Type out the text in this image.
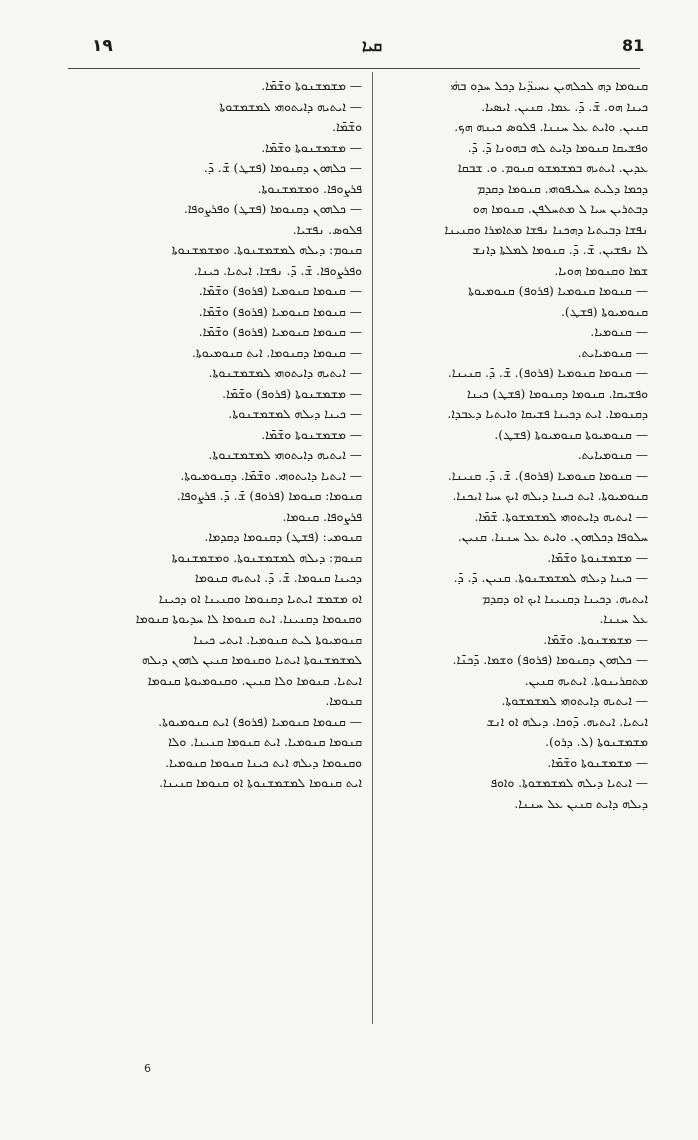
۱۹	ܩܝܐ	81
ܩܢܘܡܐ ܕܗ ܠܟܠܗܝܢ ܝܚܝܕ̈ܝܐ ܕܟܠ ܚܕܘ ܒܗ̇ܝ
ܟܝܢܐ ܗܘ. ܫ̄. ܕ̄. ܥܡܐ. ܩܢܝܢ. ܐܝܣܝܐ.
ܩܢܝܢ. ܘܐܝܬ ܥܠ ܚܢܢܐ. ܦܠܘܣ ܟܝܢܗ ܗܟ.
ܘܦܫܝܩܐ ܩܢܘܡܐ ܕܐܝܬ ܠܗ ܒܗܘܢܐ ܕ̄. ܕ̄.
ܥܕܝܢ. ܐܝܬܝܗ ܒܡܫܡܫܘ ܩܢܘܡ. ܘ. ܫܒܩܐ
ܕܟܡܐ ܕܠܝܬ ܚܠܝܦܘܗܝ. ܩܢܘܡܐ ܕܩܕܡ
ܕܒܬܪܝܢ ܚܝܐ ܠ ܡܬܚܠܦܢ. ܩܢܘܡܐ ܗܘ
ܢܦܫܐ ܕܒܝܬܝܐ ܕܗܟܢܐ ܢܦܫܐ ܡܬܐܡܪܐ ܘܩܢܝܢܐ
ܠܐ ܢܦܫܝܢ. ܫ̄. ܕ̄. ܩܢܘܡܐ ܠܡܠܬܐ ܕܐܢܫ
ܫܡܐ ܘܩܢܘܡܐ ܗܘܝܐ.
— ܩܢܘܡܐ ܩܢܘܡܝܐ (ܦܪܘܦ) ܩܢܘܡܝܘܬܐ
ܩܢܘܡܝܘܬܐ (ܦܫܛ).
— ܩܢܘܡܝܐ.
— ܩܢܘܡܝܐܝܬ.
— ܩܢܘܡܐ ܩܢܘܡܝܐ (ܦܪܘܦ). ܫ̄. ܕ̄. ܩܢܝܢܐ.
ܘܦܫܝܩܐ. ܩܢܘܡܐ ܕܩܢܘܡܐ (ܦܫܛ) ܟܝܢܐ
ܕܩܢܘܡܐ. ܐܝܬ ܕܟܝܢܐ ܦܫܝܩܐ ܘܐܝܬܝܐ ܕܥܒܕܐ.
— ܩܢܘܡܝܘܬܐ ܩܢܘܡܝܘܬܐ (ܦܫܛ).
— ܩܢܘܡܝܐܝܬ.
— ܩܢܘܡܐ ܩܢܘܡܝܐ (ܦܪܘܦ). ܫ̄. ܕ̄. ܩܢܝܢܐ.
ܩܢܘܡܝܘܬܐ. ܐܝܬ ܟܝܢܐ ܕܝܠܗ ܐܝܟ ܚܝܐ ܐܝܟܢܐ.
— ܐܝܬܝܗ ܕܐܝܬܘܗܝ ܠܡܫܡܫܘܬܐ. ܫ̄ܡ̄ܐ.
ܚܠܘܦܐ ܕܟܠܗܘܢ. ܘܐܝܬ ܥܠ ܚܢܢܐ. ܩܢܝܢ.
— ܡܫܡܫܢܘܬܐ ܘܫ̄ܡ̄ܐ.
— ܟܝܢܐ ܕܝܠܗ ܠܡܫܡܫܢܘܬܐ. ܩܢܝܢ. ܕ̄. ܕ̄.
ܐܝܬܝܗ. ܕܟܝܢܐ ܕܩܢܝܢܐ ܐܝܟ ܐܘ ܕܩܕܡ
ܥܠ ܚܢܢܐ.
— ܡܫܡܫܢܘܬܐ. ܘܫ̄ܡ̄ܐ.
— ܟܠܗܘܢ ܕܩܢܘܡܐ (ܦܪܘܦ) ܘܫܡܐ. ܕ̄ܟܢ̄ܐ.
ܡܬܩܪܝܢܘܬܐ. ܐܝܬܝܗ ܩܢܝܢ.
— ܐܝܬܝܗ ܕܐܝܬܘܗܝ ܠܡܫܡܫܘܬܐ.
ܐܝܬܝܐ. ܐܝܬܝܗ. ܕ̄ܘܟܐ. ܕܝܠܗ ܐܘ ܐܢܫ
ܡܫܡܫܢܘܬܐ (ܠ. ܕܪܘ).
— ܡܫܡܫܢܘܬܐ ܘܫ̄ܡ̄ܐ.
— ܐܝܬܝܐ ܕܝܠܗ ܠܡܫܡܫܘܬܐ. ܘܐܘܦ
ܕܝܠܗ ܕܐܝܬ ܩܢܝܢ ܥܠ ܚܢܢܐ.
— ܡܫܡܫܢܘܬܐ ܘܫ̄ܡ̄ܐ.
— ܐܝܬܝܗ ܕܐܝܬܘܗܝ ܠܡܫܡܫܘܬܐ
ܘܫ̄ܡ̄ܐ.
— ܡܫܡܫܢܘܬܐ ܘܫ̄ܡ̄ܐ.
— ܟܠܗܘܢ ܕܩܢܘܡܐ (ܦܫܛ) ܫ̄. ܕ̄.
ܦܪܨܘܦܐ. ܘܡܫܡܫܢܘܬܐ.
— ܟܠܗܘܢ ܕܩܢܘܡܐ (ܦܫܛ) ܘܦܪܨܘܦܐ.
ܦܠܘܣ. ܢܦܫܝܐ.
ܩܢܘܡ: ܕܝܠܗ ܠܡܫܡܫܢܘܬܐ. ܘܡܫܡܫܢܘܬܐ
ܘܦܪܨܘܦܐ. ܫ̄. ܕ̄. ܢܦܫܐ. ܐܝܬܝܐ. ܟܝܢܐ.
— ܩܢܘܡܐ ܩܢܘܡܝܐ (ܦܪܘܦ) ܘܫ̄ܡ̄ܐ.
— ܩܢܘܡܐ ܩܢܘܡܝܐ (ܦܪܘܦ) ܘܫ̄ܡ̄ܐ.
— ܩܢܘܡܐ ܩܢܘܡܝܐ (ܦܪܘܦ) ܘܫ̄ܡ̄ܐ.
— ܩܢܘܡܐ ܕܩܢܘܡܐ. ܐܝܬ ܩܢܘܡܝܘܬܐ.
— ܐܝܬܝܗ ܕܐܝܬܘܗܝ ܠܡܫܡܫܢܘܬܐ.
— ܡܫܡܫܢܘܬܐ (ܦܪܘܦ) ܘܫ̄ܡ̄ܐ.
— ܟܝܢܐ ܕܝܠܗ ܠܡܫܡܫܢܘܬܐ.
— ܡܫܡܫܢܘܬܐ ܘܫ̄ܡ̄ܐ.
— ܐܝܬܝܗ ܕܐܝܬܘܗܝ ܠܡܫܡܫܢܘܬܐ.
— ܐܝܬܝܐ ܕܐܝܬܘܗܝ. ܘܫ̄ܡ̄ܐ. ܕܩܢܘܡܝܘܬܐ.
ܩܢܘܡܐ: ܩܢܘܡܐ (ܦܪܘܦ) ܫ̄. ܕ̄. ܦܪܨܘܦܐ.
ܦܪܨܘܦܐ. ܩܢܘܡܐ.
ܩܢܘܡܝ: (ܦܫܛ) ܕܩܢܘܡܐ ܕܩܕܡܐ.
ܩܢܘܡ: ܕܝܠܗ ܠܡܫܡܫܢܘܬܐ. ܘܡܫܡܫܢܘܬܐ
ܕܟܝܢܐ ܩܢܘܡܐ. ܫ̄. ܕ̄. ܐܝܬܝܗ ܩܢܘܡܐ
ܐܘ ܡܫܡܫ ܐܝܬܝܐ ܕܩܢܘܡܐ ܘܩܢܝܢܐ ܐܘ ܕܟܝܢܐ
ܘܩܢܘܡܐ ܕܩܢܝܢܐ. ܐܝܬ ܩܢܘܡܐ ܠܐ ܚܕܝܘܬܐ ܩܢܘܡܐ
ܩܢܘܡܝܘܬܐ ܠܝܬ ܩܢܘܡܝܐ. ܐܝܬܝ ܟܝܢܐ
ܠܡܫܡܫܢܘܬܐ ܐܝܬܝܐ ܘܩܢܘܡܐ ܩܢܝܢ ܠܗܘܢ ܕܝܠܗ
ܐܝܬܝܐ. ܩܢܘܡܐ ܘܠܐ ܩܢܝܢ. ܘܩܢܘܡܝܘܬܐ ܩܢܘܡܐ
ܩܢܘܡܐ.
— ܩܢܘܡܐ ܩܢܘܡܝܐ (ܦܪܘܦ) ܐܝܬ ܩܢܘܡܝܘܬܐ.
ܩܢܘܡܐ ܩܢܘܡܝܐ. ܐܝܬ ܩܢܘܡܐ ܩܢܝܢܐ. ܘܠܐ
ܘܩܢܘܡܐ ܕܝܠܗ ܐܝܬ ܟܝܢܐ ܩܢܘܡܐ ܩܢܘܡܝܐ.
ܐܝܬ ܩܢܘܡܐ ܠܡܫܡܫܢܘܬܐ ܐܘ ܩܢܘܡܐ ܩܢܝܢܐ.
6
